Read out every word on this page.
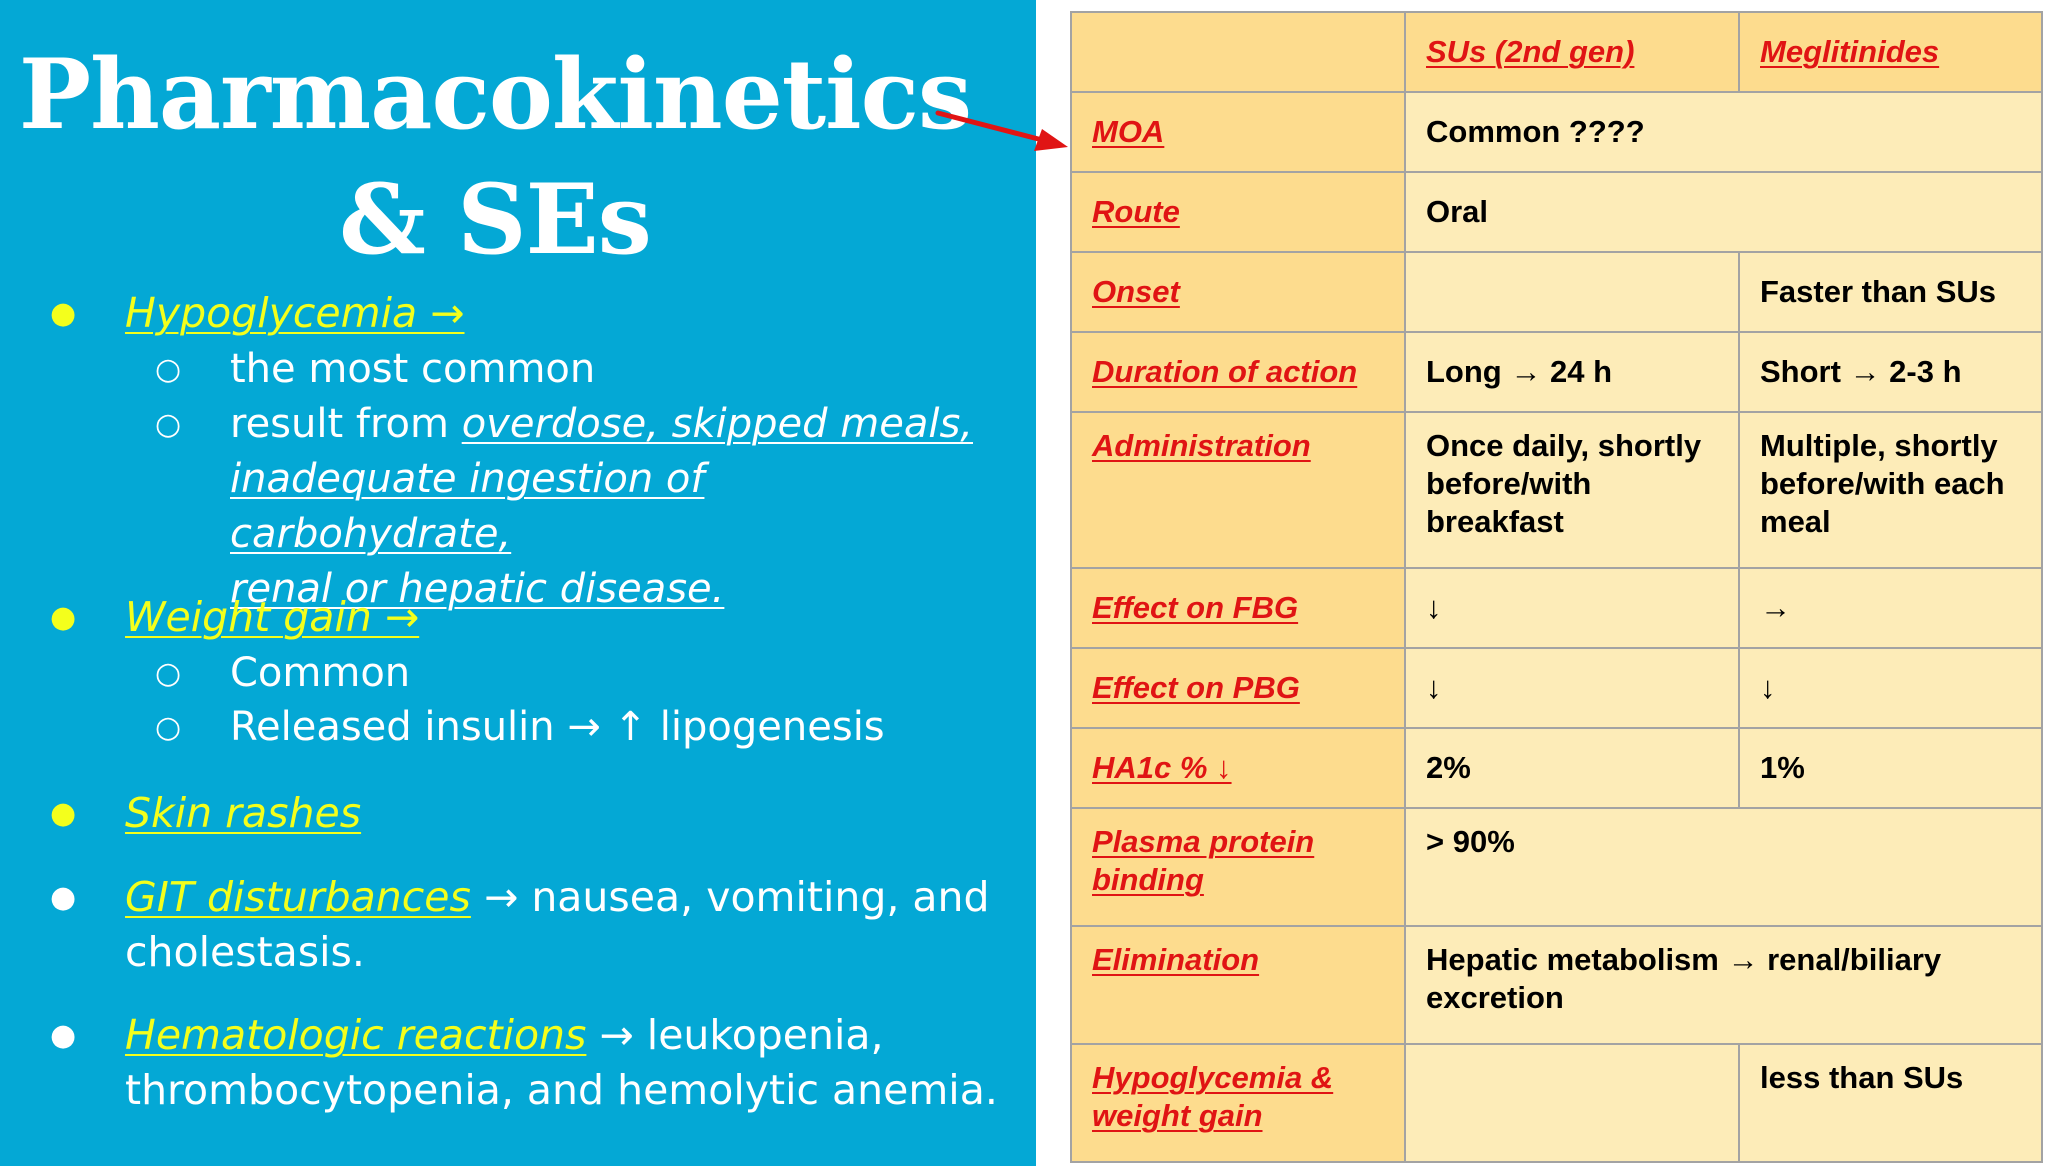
Pharmacokinetics
& SEs
● Hypoglycemia →
○ the most common
○ result from overdose, skipped meals,
inadequate ingestion of carbohydrate,
renal or hepatic disease.
● Weight gain →
○ Common
○ Released insulin → ↑ lipogenesis
● Skin rashes
● GIT disturbances → nausea, vomiting, and
cholestasis.
● Hematologic reactions → leukopenia,
thrombocytopenia, and hemolytic anemia.
	SUs (2nd gen)	Meglitinides
MOA	Common ????	
Route	Oral	
Onset		Faster than SUs
Duration of action	Long → 24 h	Short → 2-3 h
Administration	Once daily, shortly before/with breakfast	Multiple, shortly before/with each meal
Effect on FBG	↓	→
Effect on PBG	↓	↓
HA1c % ↓	2%	1%
Plasma protein binding	> 90%	
Elimination	Hepatic metabolism → renal/biliary excretion	
Hypoglycemia & weight gain		less than SUs
